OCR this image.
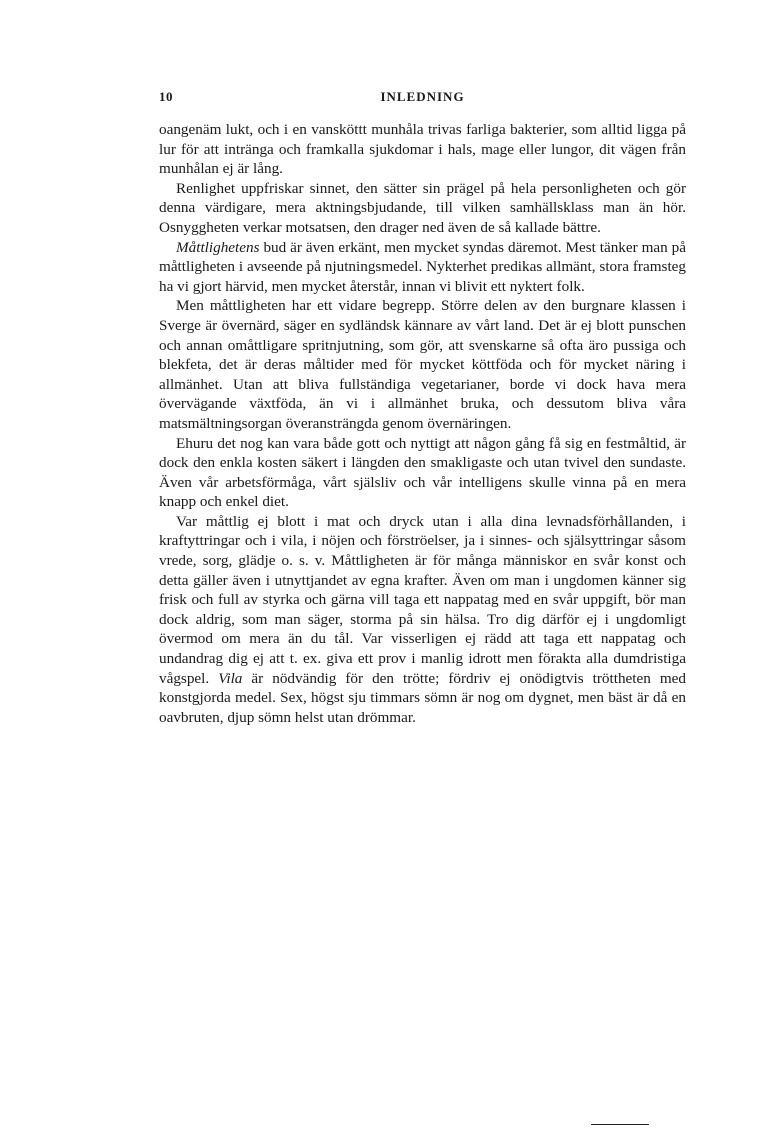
10	INLEDNING

oangenäm lukt, och i en vansköttt munhåla trivas farliga bakterier, som alltid ligga på lur för att intränga och framkalla sjukdomar i hals, mage eller lungor, dit vägen från munhålan ej är lång.

Renlighet uppfriskar sinnet, den sätter sin prägel på hela personligheten och gör denna värdigare, mera aktningsbjudande, till vilken samhällsklass man än hör. Osnyggheten verkar motsatsen, den drager ned även de så kallade bättre.

Måttlighetens bud är även erkänt, men mycket syndas däremot. Mest tänker man på måttligheten i avseende på njutningsmedel. Nykterhet predikas allmänt, stora framsteg ha vi gjort härvid, men mycket återstår, innan vi blivit ett nyktert folk.

Men måttligheten har ett vidare begrepp. Större delen av den burgnare klassen i Sverge är övernärd, säger en sydländsk kännare av vårt land. Det är ej blott punschen och annan omåttligare spritnjutning, som gör, att svenskarne så ofta äro pussiga och blekfeta, det är deras måltider med för mycket köttföda och för mycket näring i allmänhet. Utan att bliva fullständiga vegetarianer, borde vi dock hava mera övervägande växtföda, än vi i allmänhet bruka, och dessutom bliva våra matsmältningsorgan överansträngda genom övernäringen.

Ehuru det nog kan vara både gott och nyttigt att någon gång få sig en festmåltid, är dock den enkla kosten säkert i längden den smakligaste och utan tvivel den sundaste. Även vår arbetsförmåga, vårt själsliv och vår intelligens skulle vinna på en mera knapp och enkel diet.

Var måttlig ej blott i mat och dryck utan i alla dina levnadsförhållanden, i kraftyttringar och i vila, i nöjen och förströelser, ja i sinnes- och själsyttringar såsom vrede, sorg, glädje o. s. v. Måttligheten är för många människor en svår konst och detta gäller även i utnyttjandet av egna krafter. Även om man i ungdomen känner sig frisk och full av styrka och gärna vill taga ett nappatag med en svår uppgift, bör man dock aldrig, som man säger, storma på sin hälsa. Tro dig därför ej i ungdomligt övermod om mera än du tål. Var visserligen ej rädd att taga ett nappatag och undandrag dig ej att t. ex. giva ett prov i manlig idrott men förakta alla dumdristiga vågspel. Vila är nödvändig för den trötte; fördriv ej onödigtvis tröttheten med konstgjorda medel. Sex, högst sju timmars sömn är nog om dygnet, men bäst är då en oavbruten, djup sömn helst utan drömmar.
